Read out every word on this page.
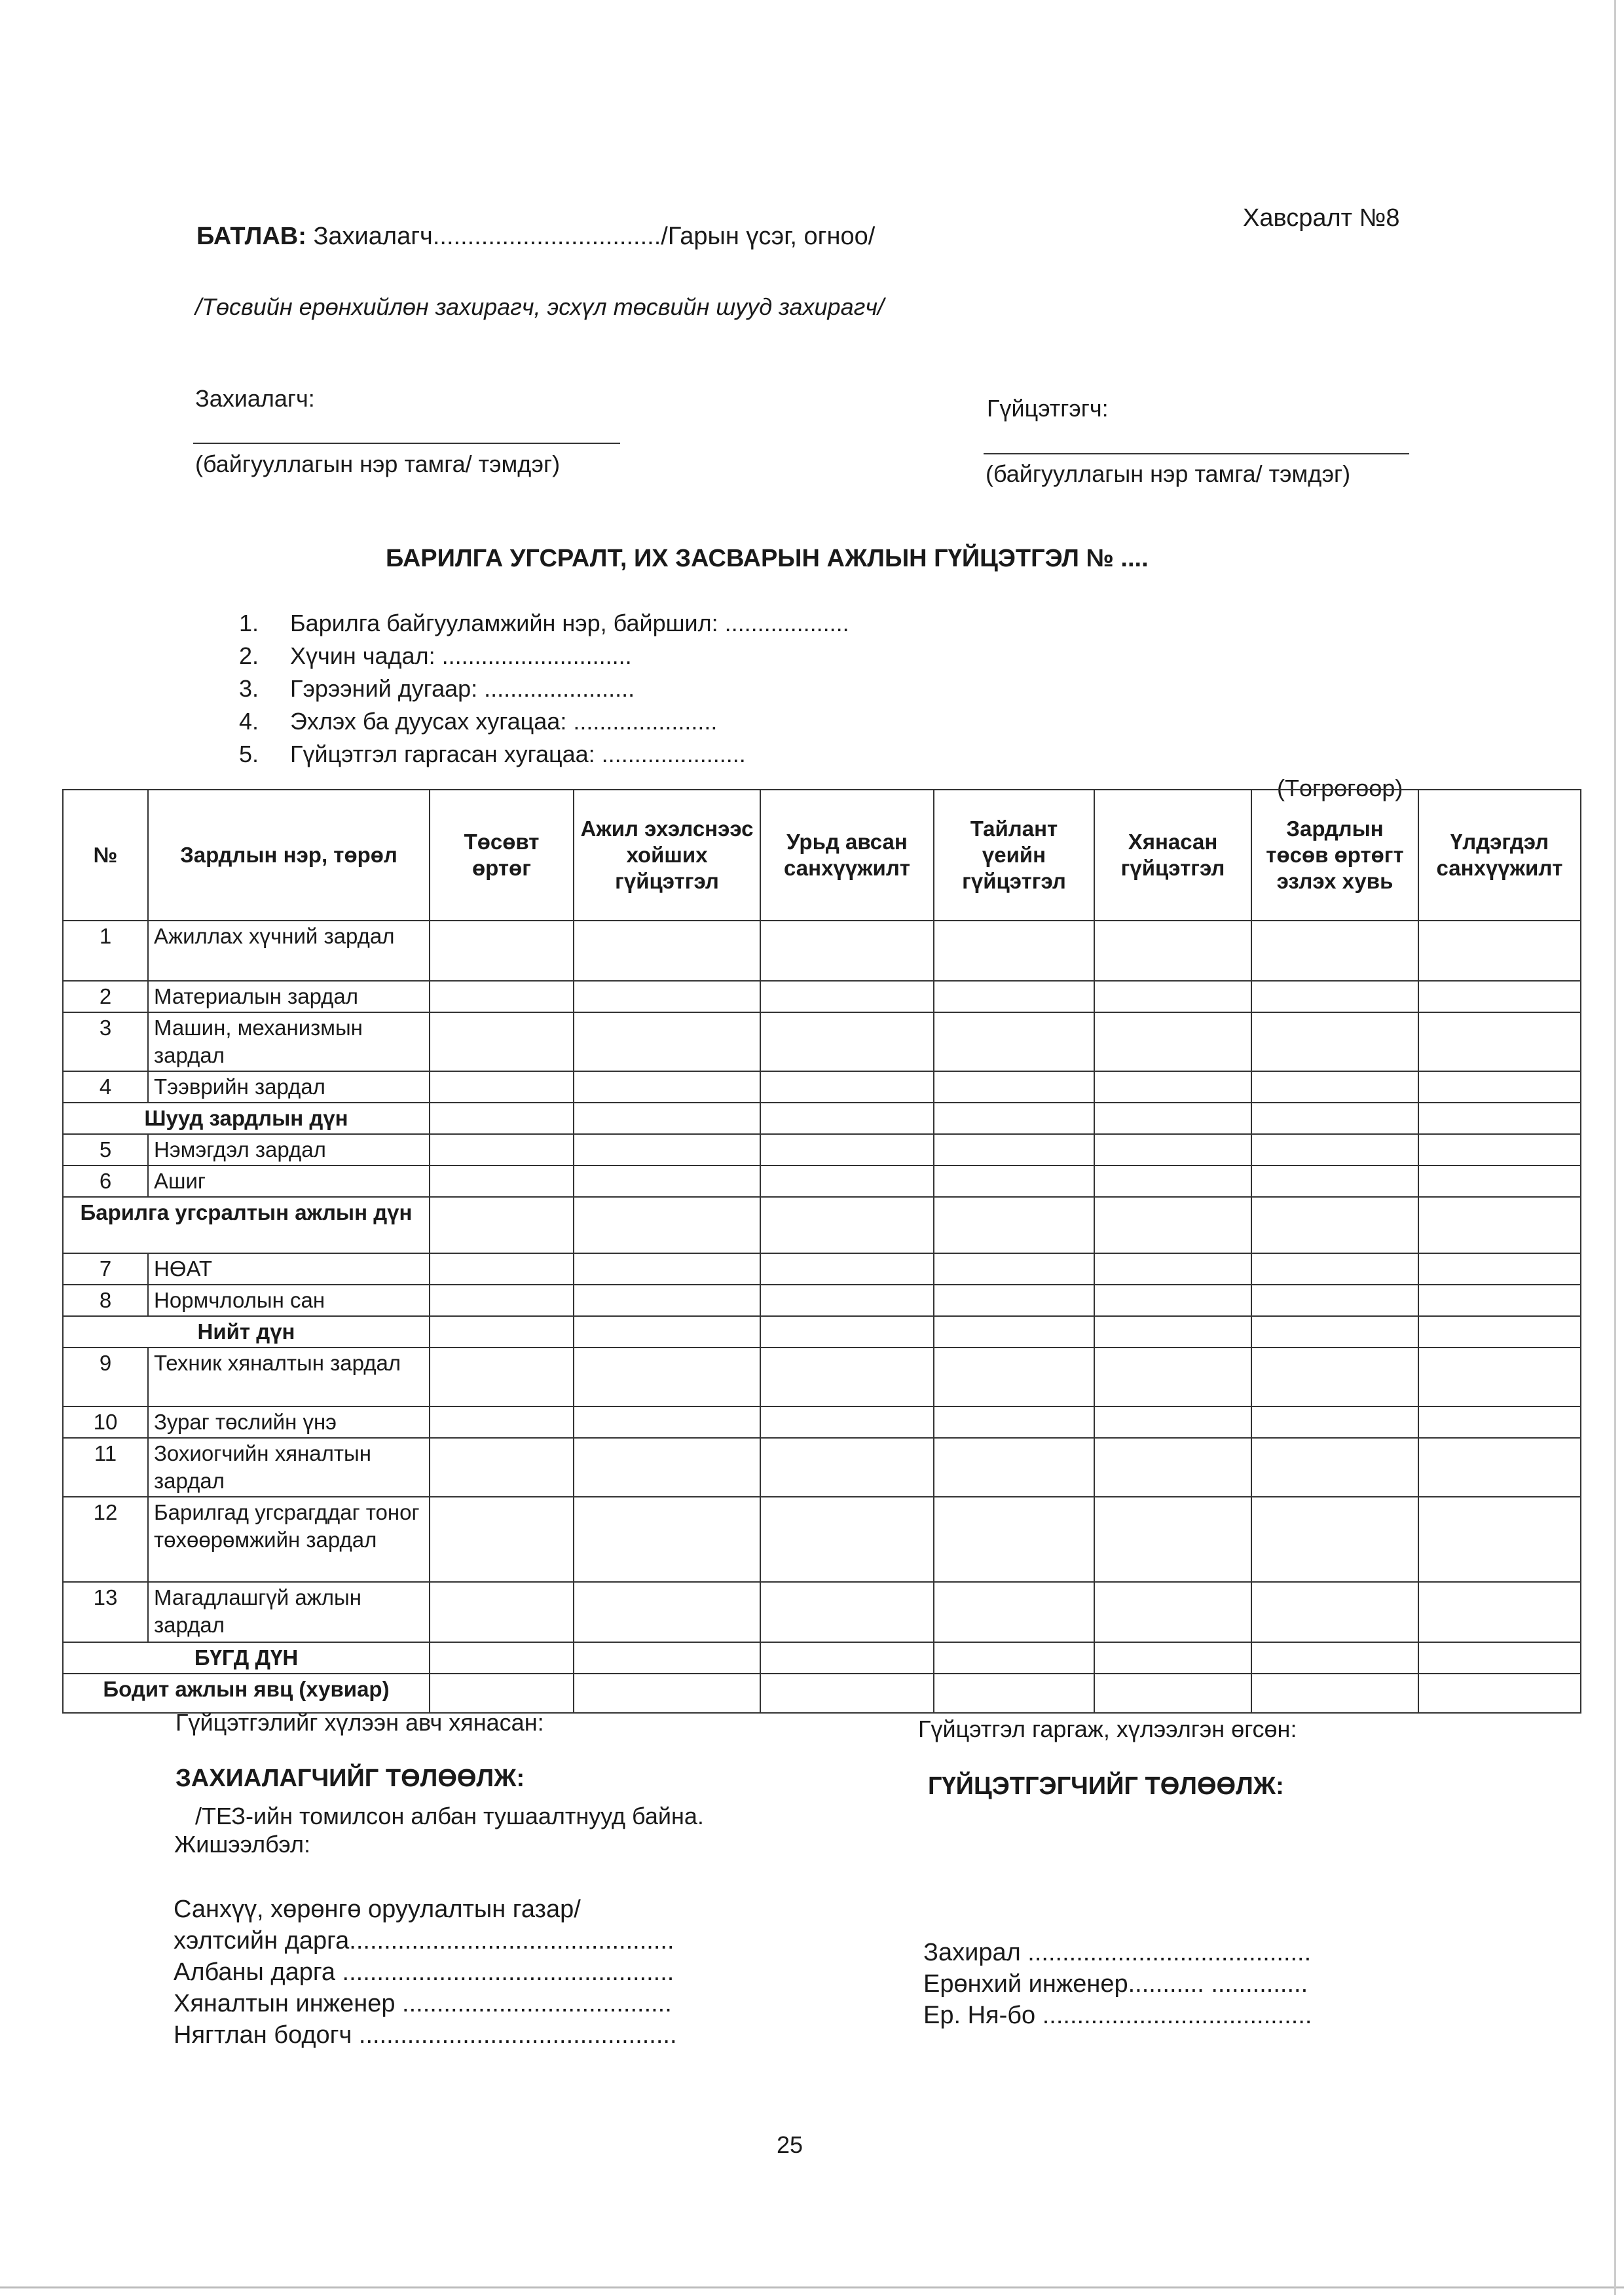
БАТЛАВ: Захиалагч................................./Гарын үсэг, огноо/
Хавсралт №8
/Төсвийн ерөнхийлөн захирагч, эсхүл төсвийн шууд захирагч/
Захиалагч:
(байгууллагын нэр тамга/ тэмдэг)
Гүйцэтгэгч:
(байгууллагын нэр тамга/ тэмдэг)
БАРИЛГА УГСРАЛТ, ИХ ЗАСВАРЫН АЖЛЫН ГҮЙЦЭТГЭЛ № ....
1. Барилга байгууламжийн нэр, байршил: ...................
2. Хүчин чадал: .............................
3. Гэрээний дугаар: .......................
4. Эхлэх ба дуусах хугацаа: ......................
5. Гүйцэтгэл гаргасан хугацаа: ......................
(Төгрөгөөр)
№	Зардлын нэр, төрөл	Төсөвт өртөг	Ажил эхэлснээс хойших гүйцэтгэл	Урьд авсан санхүүжилт	Тайлант үеийн гүйцэтгэл	Хянасан гүйцэтгэл	Зардлын төсөв өртөгт эзлэх хувь	Үлдэгдэл санхүүжилт
1	Ажиллах хүчний зардал							
2	Материалын зардал							
3	Машин, механизмын зардал							
4	Тээврийн зардал							
Шууд зардлын дүн								
5	Нэмэгдэл зардал							
6	Ашиг							
Барилга угсралтын ажлын дүн								
7	НӨАТ							
8	Нормчлолын сан							
Нийт дүн								
9	Техник хяналтын зардал							
10	Зураг төслийн үнэ							
11	Зохиогчийн хяналтын зардал							
12	Барилгад угсрагддаг тоног төхөөрөмжийн зардал							
13	Магадлашгүй ажлын зардал							
БҮГД ДҮН								
Бодит ажлын явц (хувиар)								
Гүйцэтгэлийг хүлээн авч хянасан:
ЗАХИАЛАГЧИЙГ ТӨЛӨӨЛЖ:
/ТЕЗ-ийн томилсон албан тушаалтнууд байна.
Жишээлбэл:
Санхүү, хөрөнгө оруулалтын газар/
хэлтсийн дарга...............................................
Албаны дарга ................................................
Хяналтын инженер .......................................
Нягтлан бодогч ..............................................
Гүйцэтгэл гаргаж, хүлээлгэн өгсөн:
ГҮЙЦЭТГЭГЧИЙГ ТӨЛӨӨЛЖ:
Захирал .........................................
Ерөнхий инженер........... ..............
Ер. Ня-бо .......................................
25
